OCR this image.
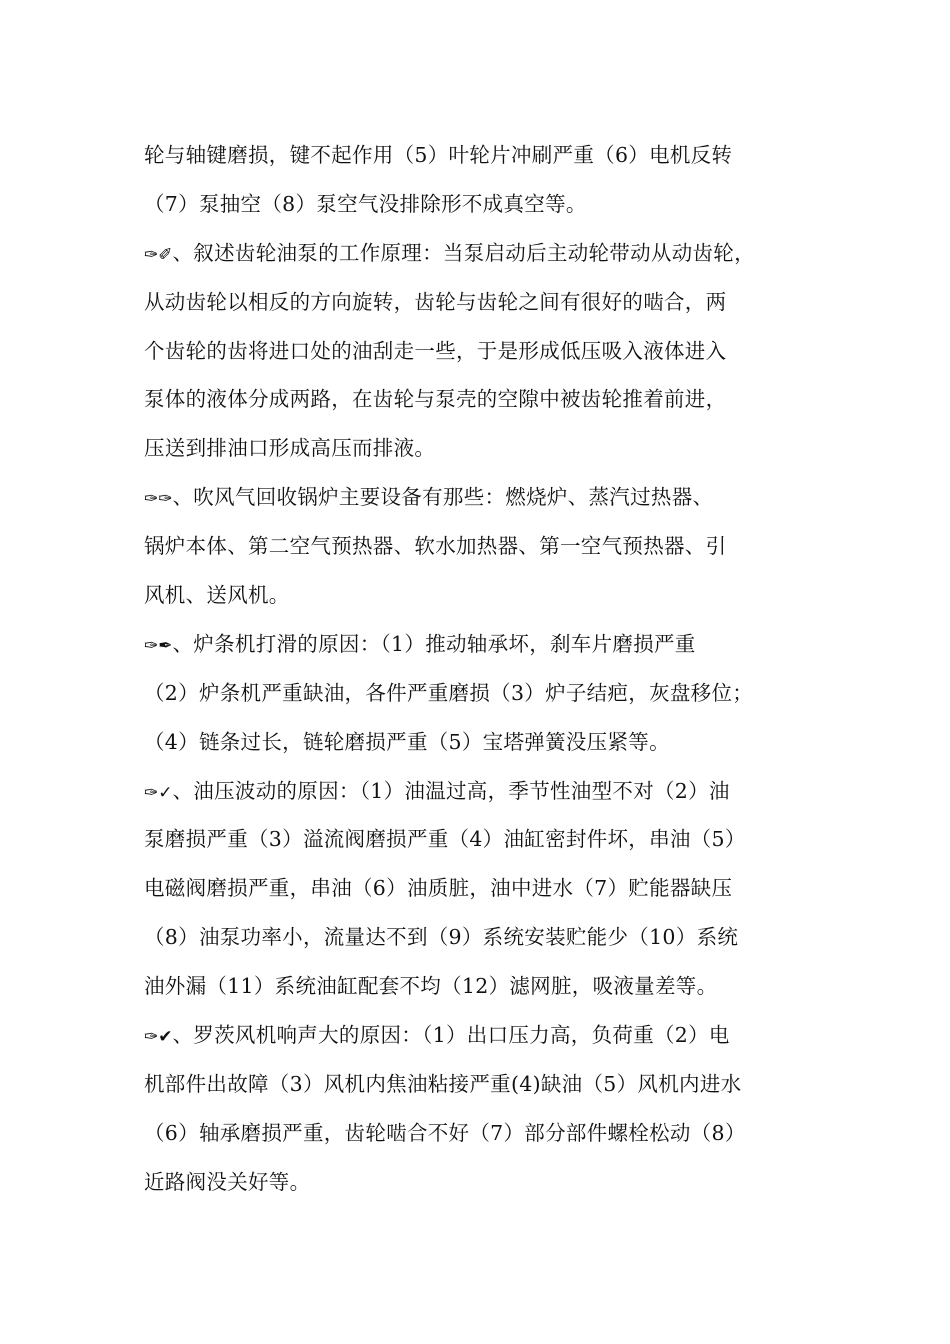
轮与轴键磨损，键不起作用（5）叶轮片冲刷严重（6）电机反转
（7）泵抽空（8）泵空气没排除形不成真空等。
✑✐、叙述齿轮油泵的工作原理：当泵启动后主动轮带动从动齿轮，
从动齿轮以相反的方向旋转，齿轮与齿轮之间有很好的啮合，两
个齿轮的齿将进口处的油刮走一些，于是形成低压吸入液体进入
泵体的液体分成两路，在齿轮与泵壳的空隙中被齿轮推着前进，
压送到排油口形成高压而排液。
✑✑、吹风气回收锅炉主要设备有那些：燃烧炉、蒸汽过热器、
锅炉本体、第二空气预热器、软水加热器、第一空气预热器、引
风机、送风机。
✑✒、炉条机打滑的原因：（1）推动轴承坏，刹车片磨损严重
（2）炉条机严重缺油，各件严重磨损（3）炉子结疤，灰盘移位；
（4）链条过长，链轮磨损严重（5）宝塔弹簧没压紧等。
✑✓、油压波动的原因：（1）油温过高，季节性油型不对（2）油
泵磨损严重（3）溢流阀磨损严重（4）油缸密封件坏，串油（5）
电磁阀磨损严重，串油（6）油质脏，油中进水（7）贮能器缺压
（8）油泵功率小，流量达不到（9）系统安装贮能少（10）系统
油外漏（11）系统油缸配套不均（12）滤网脏，吸液量差等。
✑✔、罗茨风机响声大的原因：（1）出口压力高，负荷重（2）电
机部件出故障（3）风机内焦油粘接严重(4)缺油（5）风机内进水
（6）轴承磨损严重，齿轮啮合不好（7）部分部件螺栓松动（8）
近路阀没关好等。
